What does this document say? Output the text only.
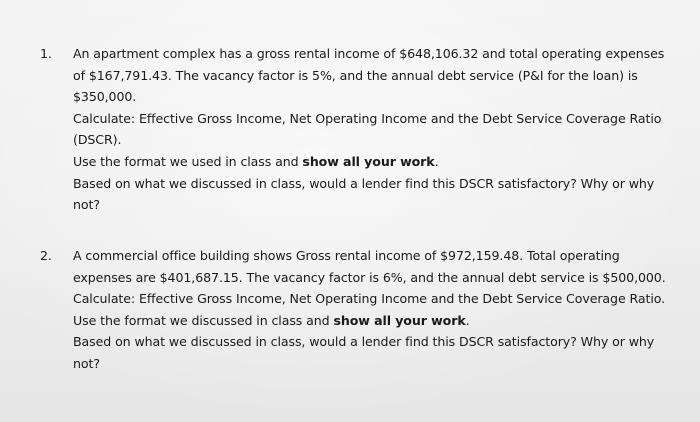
1.	An apartment complex has a gross rental income of $648,106.32 and total operating expenses
of $167,791.43. The vacancy factor is 5%, and the annual debt service (P&I for the loan) is
$350,000.
Calculate: Effective Gross Income, Net Operating Income and the Debt Service Coverage Ratio
(DSCR).
Use the format we used in class and show all your work.
Based on what we discussed in class, would a lender find this DSCR satisfactory? Why or why
not?
2.	A commercial office building shows Gross rental income of $972,159.48. Total operating
expenses are $401,687.15. The vacancy factor is 6%, and the annual debt service is $500,000.
Calculate: Effective Gross Income, Net Operating Income and the Debt Service Coverage Ratio.
Use the format we discussed in class and show all your work.
Based on what we discussed in class, would a lender find this DSCR satisfactory? Why or why
not?
